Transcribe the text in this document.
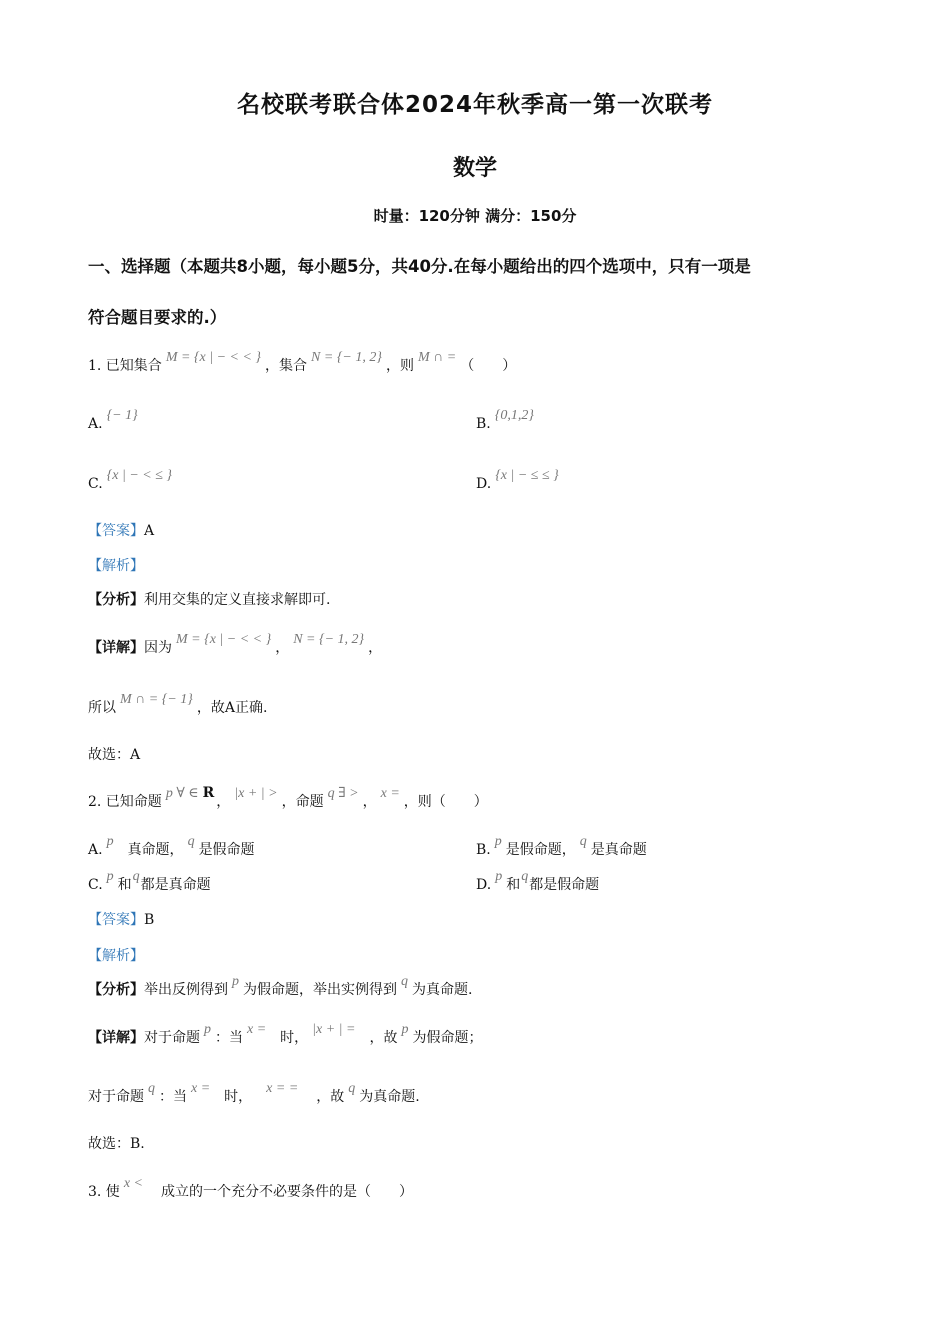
名校联考联合体2024年秋季高一第一次联考
数学
时量：120分钟 满分：150分
一、选择题（本题共8小题，每小题5分，共40分.在每小题给出的四个选项中，只有一项是
符合题目要求的.）
1. 已知集合M = {x | − < < }，集合N = {− 1, 2}，则M ∩ =（　　）
A.{− 1}
B.{0,1,2}
C.{x | − < ≤ }
D.{x | − ≤ ≤ }
【答案】A
【解析】
【分析】利用交集的定义直接求解即可.
【详解】因为M = {x | − < < }，N = {− 1, 2}，
所以M ∩ = {− 1}，故A正确.
故选：A
2. 已知命题p ∀ ∈ R，|x + | >，命题q ∃ >，x =，则（　　）
A.p真命题，q是假命题	B.p是假命题，q是真命题
C.p和q都是真命题	D.p和q都是假命题
【答案】B
【解析】
【分析】举出反例得到p为假命题，举出实例得到q为真命题.
【详解】对于命题p：当x =时，|x + | =，故p为假命题；
对于命题q：当x =时，x = =，故q为真命题.
故选：B.
3. 使x <成立的一个充分不必要条件的是（　　）
